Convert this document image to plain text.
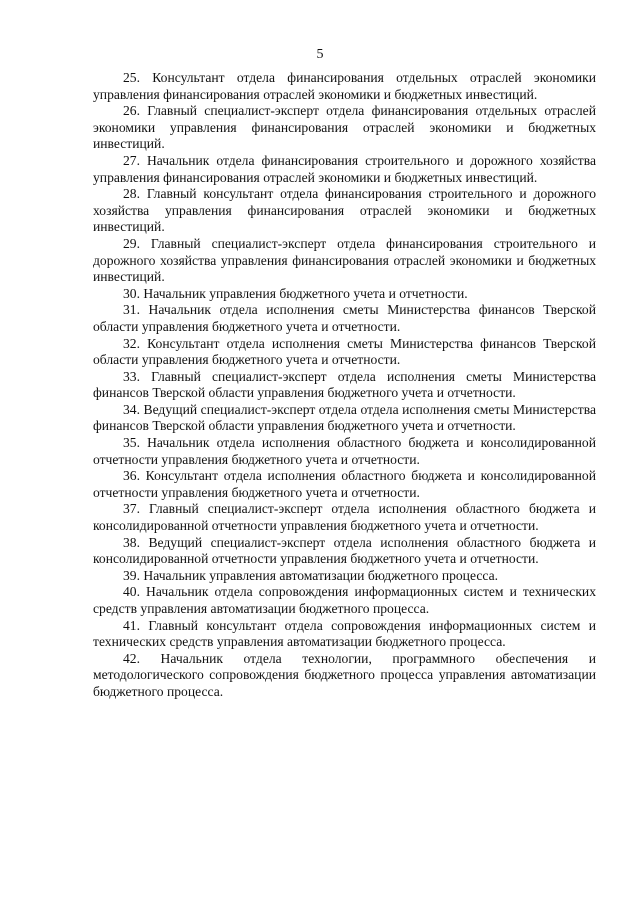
5

25. Консультант отдела финансирования отдельных отраслей экономики управления финансирования отраслей экономики и бюджетных инвестиций.

26. Главный специалист-эксперт отдела финансирования отдельных отраслей экономики управления финансирования отраслей экономики и бюджетных инвестиций.

27. Начальник отдела финансирования строительного и дорожного хозяйства управления финансирования отраслей экономики и бюджетных инвестиций.

28. Главный консультант отдела финансирования строительного и дорожного хозяйства управления финансирования отраслей экономики и бюджетных инвестиций.

29. Главный специалист-эксперт отдела финансирования строительного и дорожного хозяйства управления финансирования отраслей экономики и бюджетных инвестиций.

30. Начальник управления бюджетного учета и отчетности.

31. Начальник отдела исполнения сметы Министерства финансов Тверской области управления бюджетного учета и отчетности.

32. Консультант отдела исполнения сметы Министерства финансов Тверской области управления бюджетного учета и отчетности.

33. Главный специалист-эксперт отдела исполнения сметы Министерства финансов Тверской области управления бюджетного учета и отчетности.

34. Ведущий специалист-эксперт отдела отдела исполнения сметы Министерства финансов Тверской области управления бюджетного учета и отчетности.

35. Начальник отдела исполнения областного бюджета и консолидированной отчетности управления бюджетного учета и отчетности.

36. Консультант отдела исполнения областного бюджета и консолидированной отчетности управления бюджетного учета и отчетности.

37. Главный специалист-эксперт отдела исполнения областного бюджета и консолидированной отчетности управления бюджетного учета и отчетности.

38. Ведущий специалист-эксперт отдела исполнения областного бюджета и консолидированной отчетности управления бюджетного учета и отчетности.

39. Начальник управления автоматизации бюджетного процесса.

40. Начальник отдела сопровождения информационных систем и технических средств управления автоматизации бюджетного процесса.

41. Главный консультант отдела сопровождения информационных систем и технических средств управления автоматизации бюджетного процесса.

42. Начальник отдела технологии, программного обеспечения и методологического сопровождения бюджетного процесса управления автоматизации бюджетного процесса.
